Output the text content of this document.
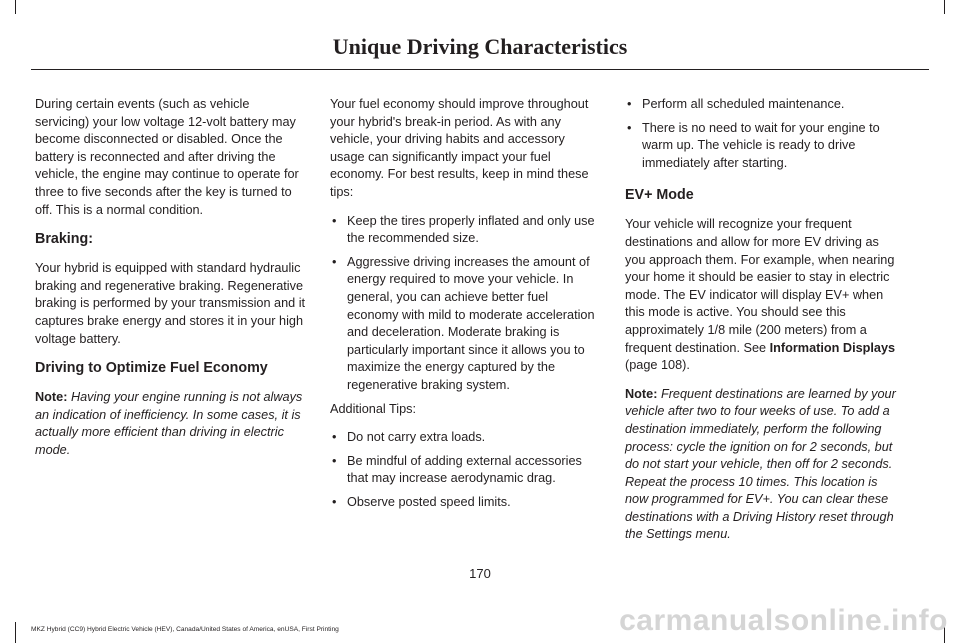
Unique Driving Characteristics

During certain events (such as vehicle servicing) your low voltage 12-volt battery may become disconnected or disabled. Once the battery is reconnected and after driving the vehicle, the engine may continue to operate for three to five seconds after the key is turned to off. This is a normal condition.

Braking:

Your hybrid is equipped with standard hydraulic braking and regenerative braking. Regenerative braking is performed by your transmission and it captures brake energy and stores it in your high voltage battery.

Driving to Optimize Fuel Economy

Note: Having your engine running is not always an indication of inefficiency. In some cases, it is actually more efficient than driving in electric mode.

Your fuel economy should improve throughout your hybrid's break-in period. As with any vehicle, your driving habits and accessory usage can significantly impact your fuel economy. For best results, keep in mind these tips:

• Keep the tires properly inflated and only use the recommended size.
• Aggressive driving increases the amount of energy required to move your vehicle. In general, you can achieve better fuel economy with mild to moderate acceleration and deceleration. Moderate braking is particularly important since it allows you to maximize the energy captured by the regenerative braking system.

Additional Tips:

• Do not carry extra loads.
• Be mindful of adding external accessories that may increase aerodynamic drag.
• Observe posted speed limits.
• Perform all scheduled maintenance.
• There is no need to wait for your engine to warm up. The vehicle is ready to drive immediately after starting.
EV+ Mode

Your vehicle will recognize your frequent destinations and allow for more EV driving as you approach them. For example, when nearing your home it should be easier to stay in electric mode. The EV indicator will display EV+ when this mode is active. You should see this approximately 1/8 mile (200 meters) from a frequent destination. See Information Displays (page 108).

Note: Frequent destinations are learned by your vehicle after two to four weeks of use. To add a destination immediately, perform the following process: cycle the ignition on for 2 seconds, but do not start your vehicle, then off for 2 seconds. Repeat the process 10 times. This location is now programmed for EV+. You can clear these destinations with a Driving History reset through the Settings menu.

170
MKZ Hybrid (CC9) Hybrid Electric Vehicle (HEV), Canada/United States of America, enUSA, First Printing	carmanualsonline.info
